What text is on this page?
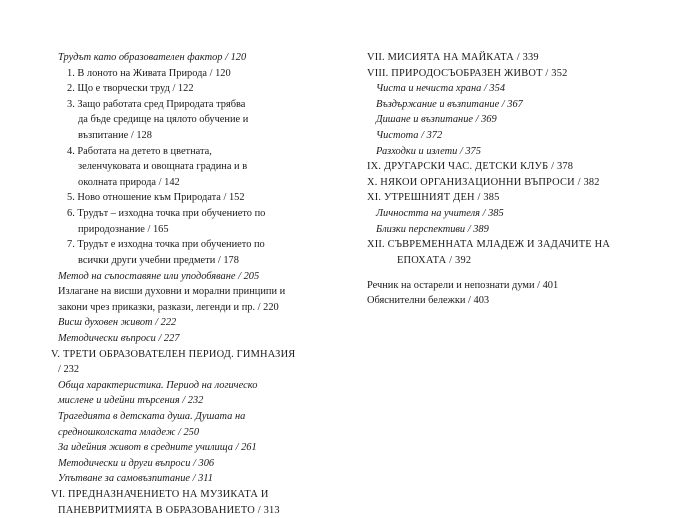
Трудът като образователен фактор / 120
1. В лоното на Живата Природа / 120
2. Що е творчески труд / 122
3. Защо работата сред Природата трябва
да бъде средище на цялото обучение и
възпитание / 128
4. Работата на детето в цветната,
зеленчуковата и овощната градина и в
околната природа / 142
5. Ново отношение към Природата / 152
6. Трудът – изходна точка при обучението по
природознание / 165
7. Трудът е изходна точка при обучението по
всички други учебни предмети / 178
Метод на съпоставяне или уподобяване / 205
Излагане на висши духовни и морални принципи и
закони чрез приказки, разкази, легенди и пр. / 220
Висш духовен живот / 222
Методически въпроси / 227
V. ТРЕТИ ОБРАЗОВАТЕЛЕН ПЕРИОД. ГИМНАЗИЯ
/ 232
Обща характеристика. Период на логическо
мислене и идейни търсения / 232
Трагедията в детската душа. Душата на
средношколската младеж / 250
За идейния живот в средните училища / 261
Методически и други въпроси / 306
Упътване за самовъзпитание / 311
VI. ПРЕДНАЗНАЧЕНИЕТО НА МУЗИКАТА И
ПАНЕВРИТМИЯТА В ОБРАЗОВАНИЕТО / 313
VII. МИСИЯТА НА МАЙКАТА / 339
VIII. ПРИРОДОСЪОБРАЗЕН ЖИВОТ / 352
Чиста и нечиста храна / 354
Въздържание и възпитание / 367
Дишане и възпитание / 369
Чистота / 372
Разходки и излети / 375
IX. ДРУГАРСКИ ЧАС. ДЕТСКИ КЛУБ / 378
X. НЯКОИ ОРГАНИЗАЦИОННИ ВЪПРОСИ / 382
XI. УТРЕШНИЯТ ДЕН / 385
Личността на учителя / 385
Близки перспективи / 389
XII. СЪВРЕМЕННАТА МЛАДЕЖ И ЗАДАЧИТЕ НА
ЕПОХАТА / 392
Речник на остарели и непознати думи / 401
Обяснителни бележки / 403
